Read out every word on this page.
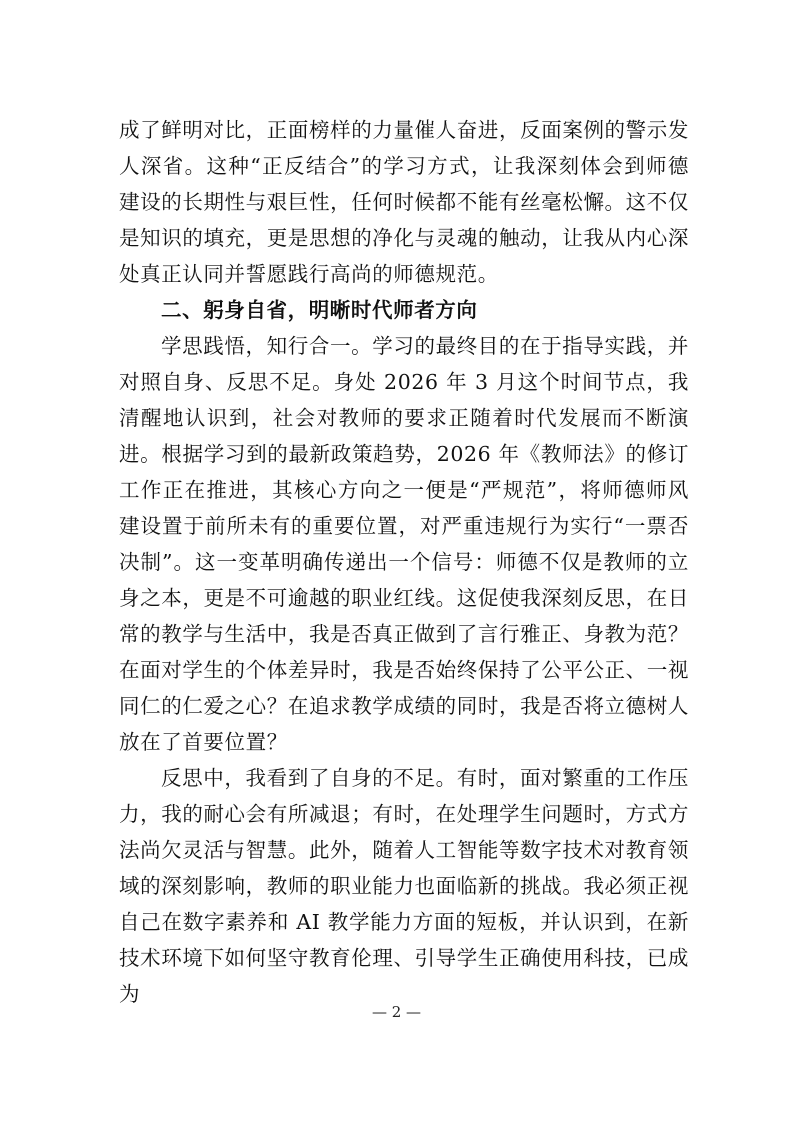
成了鲜明对比，正面榜样的力量催人奋进，反面案例的警示发人深省。这种“正反结合”的学习方式，让我深刻体会到师德建设的长期性与艰巨性，任何时候都不能有丝毫松懈。这不仅是知识的填充，更是思想的净化与灵魂的触动，让我从内心深处真正认同并誓愿践行高尚的师德规范。

二、躬身自省，明晰时代师者方向

学思践悟，知行合一。学习的最终目的在于指导实践，并对照自身、反思不足。身处 2026 年 3 月这个时间节点，我清醒地认识到，社会对教师的要求正随着时代发展而不断演进。根据学习到的最新政策趋势，2026 年《教师法》的修订工作正在推进，其核心方向之一便是“严规范”，将师德师风建设置于前所未有的重要位置，对严重违规行为实行“一票否决制”。这一变革明确传递出一个信号：师德不仅是教师的立身之本，更是不可逾越的职业红线。这促使我深刻反思，在日常的教学与生活中，我是否真正做到了言行雅正、身教为范？在面对学生的个体差异时，我是否始终保持了公平公正、一视同仁的仁爱之心？在追求教学成绩的同时，我是否将立德树人放在了首要位置？

反思中，我看到了自身的不足。有时，面对繁重的工作压力，我的耐心会有所减退；有时，在处理学生问题时，方式方法尚欠灵活与智慧。此外，随着人工智能等数字技术对教育领域的深刻影响，教师的职业能力也面临新的挑战。我必须正视自己在数字素养和 AI 教学能力方面的短板，并认识到，在新技术环境下如何坚守教育伦理、引导学生正确使用科技，已成为

— 2 —
